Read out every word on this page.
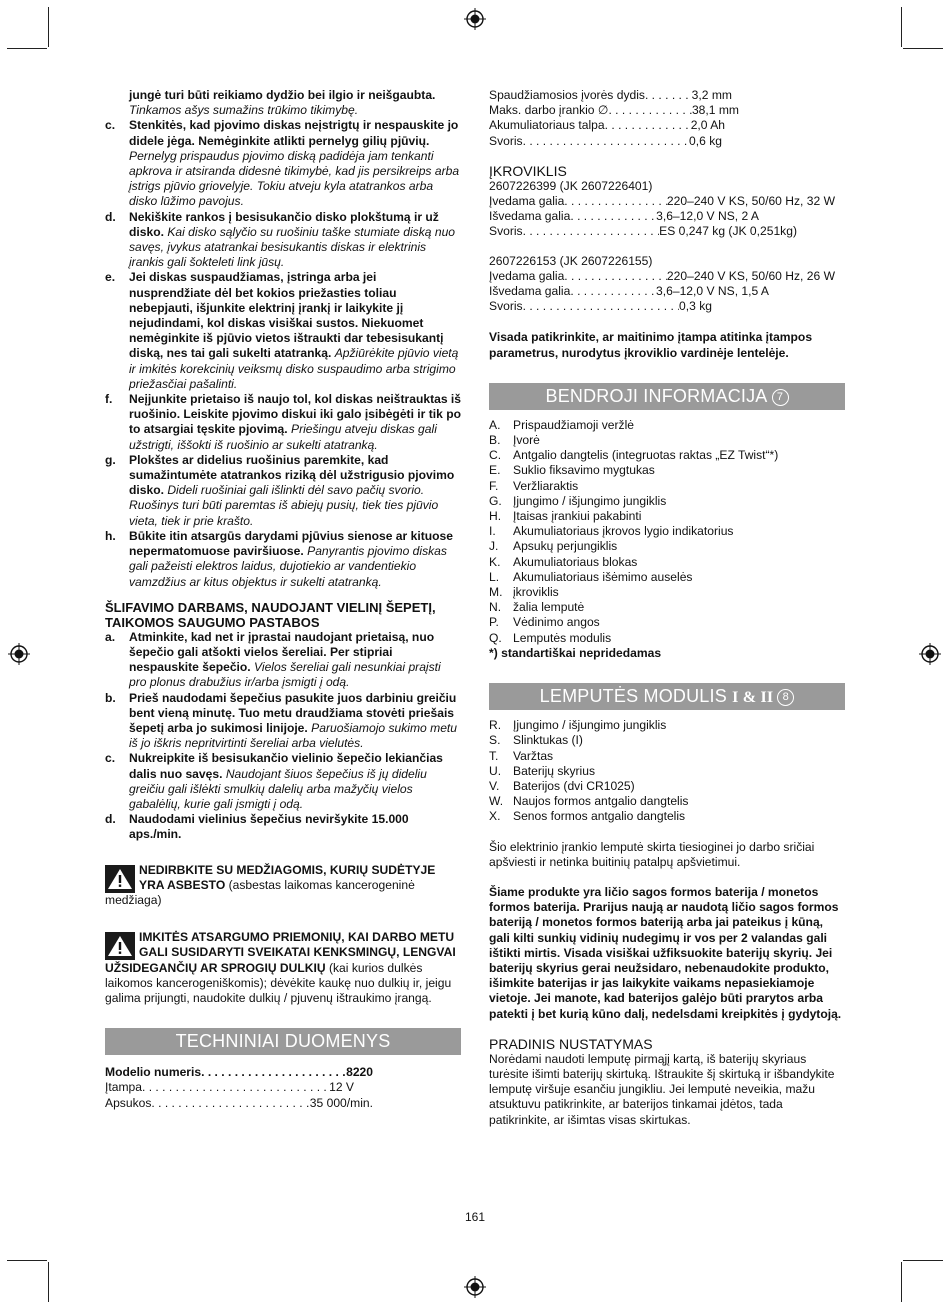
jungė turi būti reikiamo dydžio bei ilgio ir neišgaubta. Tinkamos ašys sumažins trūkimo tikimybę.
c.	Stenkitės, kad pjovimo diskas neįstrigtų ir nespauskite jo didele jėga. Nemėginkite atlikti pernelyg gilių pjūvių. Pernelyg prispaudus pjovimo diską padidėja jam tenkanti apkrova ir atsiranda didesnė tikimybė, kad jis persikreips arba įstrigs pjūvio griovelyje. Tokiu atveju kyla atatrankos arba disko lūžimo pavojus.
d.	Nekiškite rankos į besisukančio disko plokštumą ir už disko. Kai disko sąlyčio su ruošiniu taške stumiate diską nuo savęs, įvykus atatrankai besisukantis diskas ir elektrinis įrankis gali šokteleti link jūsų.
e.	Jei diskas suspaudžiamas, įstringa arba jei nusprendžiate dėl bet kokios priežasties toliau nebepjauti, išjunkite elektrinį įrankį ir laikykite jį nejudindami, kol diskas visiškai sustos. Niekuomet nemėginkite iš pjūvio vietos ištraukti dar tebesisukantį diską, nes tai gali sukelti atatranką. Apžiūrėkite pjūvio vietą ir imkitės korekcinių veiksmų disko suspaudimo arba strigimo priežasčiai pašalinti.
f.	Neįjunkite prietaiso iš naujo tol, kol diskas neištrauktas iš ruošinio. Leiskite pjovimo diskui iki galo įsibėgėti ir tik po to atsargiai tęskite pjovimą. Priešingu atveju diskas gali užstrigti, iššokti iš ruošinio ar sukelti atatranką.
g.	Plokštes ar didelius ruošinius paremkite, kad sumažintumėte atatrankos riziką dėl užstrigusio pjovimo disko. Dideli ruošiniai gali išlinkti dėl savo pačių svorio. Ruošinys turi būti paremtas iš abiejų pusių, tiek ties pjūvio vieta, tiek ir prie krašto.
h.	Būkite itin atsargūs darydami pjūvius sienose ar kituose nepermatomuose paviršiuose. Panyrantis pjovimo diskas gali pažeisti elektros laidus, dujotiekio ar vandentiekio vamzdžius ar kitus objektus ir sukelti atatranką.
ŠLIFAVIMO DARBAMS, NAUDOJANT VIELINĮ ŠEPETĮ, TAIKOMOS SAUGUMO PASTABOS
a.	Atminkite, kad net ir įprastai naudojant prietaisą, nuo šepečio gali atšokti vielos šereliai. Per stipriai nespauskite šepečio. Vielos šereliai gali nesunkiai praįsti pro plonus drabužius ir/arba įsmigti į odą.
b.	Prieš naudodami šepečius pasukite juos darbiniu greičiu bent vieną minutę. Tuo metu draudžiama stovėti priešais šepetį arba jo sukimosi linijoje. Paruošiamojo sukimo metu iš jo iškris nepritvirtinti šereliai arba vielutės.
c.	Nukreipkite iš besisukančio vielinio šepečio lekiančias dalis nuo savęs. Naudojant šiuos šepečius iš jų dideliu greičiu gali išlėkti smulkių dalelių arba mažyčių vielos gabalėlių, kurie gali įsmigti į odą.
d.	Naudodami vielinius šepečius neviršykite 15.000 aps./min.
NEDIRBKITE SU MEDŽIAGOMIS, KURIŲ SUDĖTYJE YRA ASBESTO (asbestas laikomas kancerogeninė medžiaga)
IMKITĖS ATSARGUMO PRIEMONIŲ, KAI DARBO METU GALI SUSIDARYTI SVEIKATAI KENKSMINGŲ, LENGVAI UŽSIDEGANČIŲ AR SPROGIŲ DULKIŲ (kai kurios dulkės laikomos kancerogeniškomis); dėvėkite kaukę nuo dulkių ir, jeigu galima prijungti, naudokite dulkių / pjuvenų ištraukimo įrangą.
TECHNINIAI DUOMENYS
Modelio numeris . . .	8220
Įtampa . . .	12 V
Apsukos . . .	35 000/min.
Spaudžiamosios įvorės dydis . . .	3,2 mm
Maks. darbo įrankio ∅ . . .	38,1 mm
Akumuliatoriaus talpa . . .	2,0 Ah
Svoris . . .	0,6 kg
ĮKROVIKLIS
2607226399 (JK 2607226401)
Įvedama galia . . .	220–240 V KS, 50/60 Hz, 32 W
Išvedama galia . . .	3,6–12,0 V NS, 2 A
Svoris . . .	ES 0,247 kg (JK 0,251kg)
2607226153 (JK 2607226155)
Įvedama galia . . .	220–240 V KS, 50/60 Hz, 26 W
Išvedama galia . . .	3,6–12,0 V NS, 1,5 A
Svoris . . .	0,3 kg
Visada patikrinkite, ar maitinimo įtampa atitinka įtampos parametrus, nurodytus įkroviklio vardinėje lentelėje.
BENDROJI INFORMACIJA 7
A.	Prispaudžiamoji veržlė
B.	Įvorė
C. Antgalio dangtelis (integruotas raktas „EZ Twist“*)
E.	Suklio fiksavimo mygtukas
F.	Veržliaraktis
G. Įjungimo / išjungimo jungiklis
H. Įtaisas įrankiui pakabinti
I.	Akumuliatoriaus įkrovos lygio indikatorius
J.	Apsukų perjungiklis
K.	Akumuliatoriaus blokas
L.	Akumuliatoriaus išėmimo auselės
M. įkroviklis
N. žalia lemputė
P.	Vėdinimo angos
Q. Lemputės modulis
*) standartiškai nepridedamas
LEMPUTĖS MODULIS I & II 8
R. Įjungimo / išjungimo jungiklis
S.	Slinktukas (I)
T.	Varžtas
U. Baterijų skyrius
V.	Baterijos (dvi CR1025)
W. Naujos formos antgalio dangtelis
X.	Senos formos antgalio dangtelis
Šio elektrinio įrankio lemputė skirta tiesioginei jo darbo sričiai apšviesti ir netinka buitinių patalpų apšvietimui.
Šiame produkte yra ličio sagos formos baterija / monetos formos baterija. Prarijus naują ar naudotą ličio sagos formos bateriją / monetos formos bateriją arba jai pateikus į kūną, gali kilti sunkių vidinių nudegimų ir vos per 2 valandas gali ištikti mirtis. Visada visiškai užfiksuokite baterijų skyrių. Jei baterijų skyrius gerai neužsidaro, nebenaudokite produkto, išimkite baterijas ir jas laikykite vaikams nepasiekiamoje vietoje. Jei manote, kad baterijos galėjo būti prarytos arba patekti į bet kurią kūno dalį, nedelsdami kreipkitės į gydytoją.
PRADINIS NUSTATYMAS
Norėdami naudoti lemputę pirmąjį kartą, iš baterijų skyriaus turėsite išimti baterijų skirtuką. Ištraukite šį skirtuką ir išbandykite lemputę viršuje esančiu jungikliu. Jei lemputė neveikia, mažu atsuktuvu patikrinkite, ar baterijos tinkamai įdėtos, tada patikrinkite, ar išimtas visas skirtukas.
161
